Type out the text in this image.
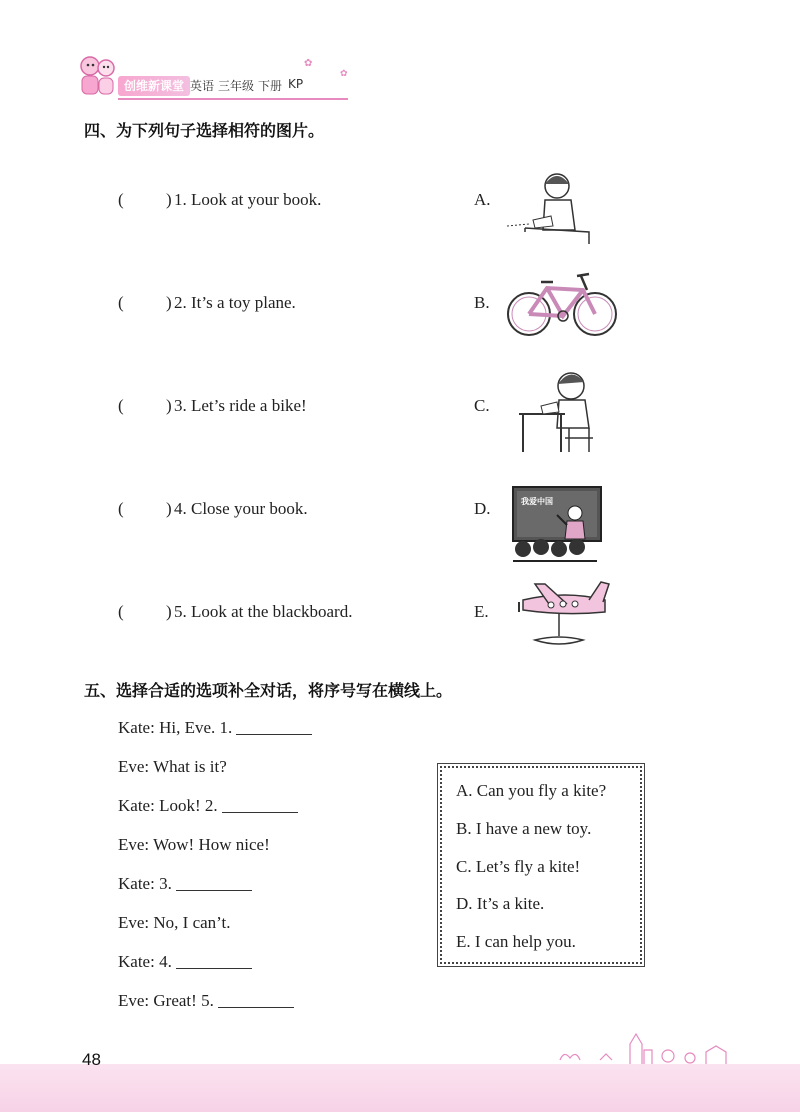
创维新课堂 英语 三年级 下册 KP
✿
✿
四、为下列句子选择相符的图片。
( ) 1. Look at your book.	A.
( ) 2. It’s a toy plane.	B.
( ) 3. Let’s ride a bike!	C.
( ) 4. Close your book.	D.	我爱中国
( ) 5. Look at the blackboard.	E.
五、选择合适的选项补全对话，将序号写在横线上。
Kate: Hi, Eve. 1.
Eve: What is it?
Kate: Look! 2.
Eve: Wow! How nice!
Kate: 3.
Eve: No, I can’t.
Kate: 4.
Eve: Great! 5.
A. Can you fly a kite?
B. I have a new toy.
C. Let’s fly a kite!
D. It’s a kite.
E. I can help you.
48
